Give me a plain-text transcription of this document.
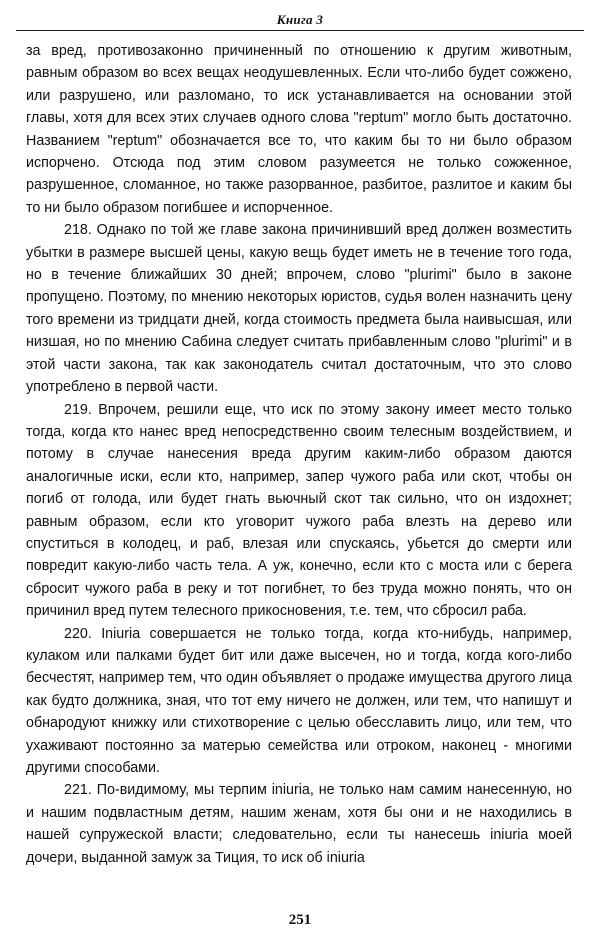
Книга 3

за вред, противозаконно причиненный по отношению к другим животным, равным образом во всех вещах неодушевленных. Если что-либо будет сожжено, или разрушено, или разломано, то иск устанавливается на основании этой главы, хотя для всех этих случаев одного слова "reptum" могло быть достаточно. Названием "reptum" обозначается все то, что каким бы то ни было образом испорчено. Отсюда под этим словом разумеется не только сожженное, разрушенное, сломанное, но также разорванное, разбитое, разлитое и каким бы то ни было образом погибшее и испорченное.

218. Однако по той же главе закона причинивший вред должен возместить убытки в размере высшей цены, какую вещь будет иметь не в течение того года, но в течение ближайших 30 дней; впрочем, слово "plurimi" было в законе пропущено. Поэтому, по мнению некоторых юристов, судья волен назначить цену того времени из тридцати дней, когда стоимость предмета была наивысшая, или низшая, но по мнению Сабина следует считать прибавленным слово "plurimi" и в этой части закона, так как законодатель считал достаточным, что это слово употреблено в первой части.

219. Впрочем, решили еще, что иск по этому закону имеет место только тогда, когда кто нанес вред непосредственно своим телесным воздействием, и потому в случае нанесения вреда другим каким-либо образом даются аналогичные иски, если кто, например, запер чужого раба или скот, чтобы он погиб от голода, или будет гнать вьючный скот так сильно, что он издохнет; равным образом, если кто уговорит чужого раба влезть на дерево или спуститься в колодец, и раб, влезая или спускаясь, убьется до смерти или повредит какую-либо часть тела. А уж, конечно, если кто с моста или с берега сбросит чужого раба в реку и тот погибнет, то без труда можно понять, что он причинил вред путем телесного прикосновения, т.е. тем, что сбросил раба.

220. Iniuria совершается не только тогда, когда кто-нибудь, например, кулаком или палками будет бит или даже высечен, но и тогда, когда кого-либо бесчестят, например тем, что один объявляет о продаже имущества другого лица как будто должника, зная, что тот ему ничего не должен, или тем, что напишут и обнародуют книжку или стихотворение с целью обесславить лицо, или тем, что ухаживают постоянно за матерью семейства или отроком, наконец - многими другими способами.

221. По-видимому, мы терпим iniuria, не только нам самим нанесенную, но и нашим подвластным детям, нашим женам, хотя бы они и не находились в нашей супружеской власти; следовательно, если ты нанесешь iniuria моей дочери, выданной замуж за Тиция, то иск об iniuria

251
